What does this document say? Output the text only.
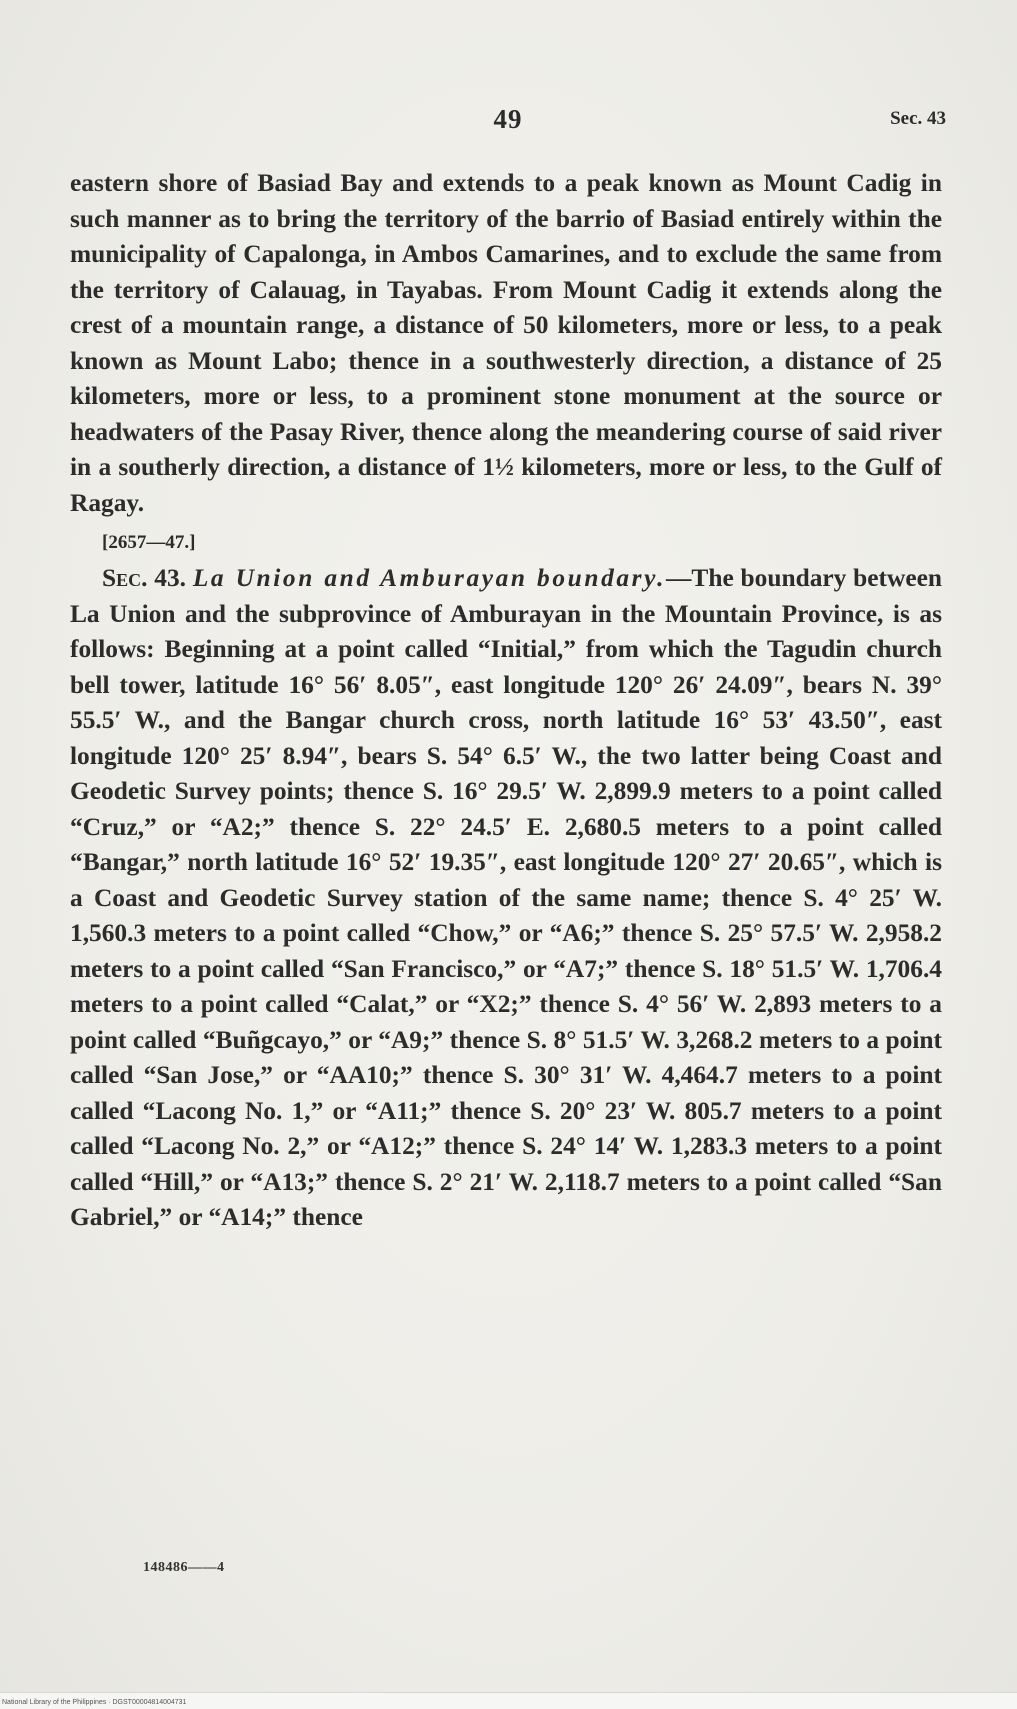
49	Sec. 43

eastern shore of Basiad Bay and extends to a peak known as Mount Cadig in such manner as to bring the territory of the barrio of Basiad entirely within the municipality of Capalonga, in Ambos Camarines, and to exclude the same from the territory of Calauag, in Tayabas. From Mount Cadig it extends along the crest of a mountain range, a distance of 50 kilometers, more or less, to a peak known as Mount Labo; thence in a southwesterly direction, a distance of 25 kilometers, more or less, to a prominent stone monument at the source or headwaters of the Pasay River, thence along the meandering course of said river in a southerly direction, a distance of 1½ kilometers, more or less, to the Gulf of Ragay.

[2657—47.]

Sec. 43. La Union and Amburayan boundary.—The boundary between La Union and the subprovince of Amburayan in the Mountain Province, is as follows: Beginning at a point called “Initial,” from which the Tagudin church bell tower, latitude 16° 56′ 8.05″, east longitude 120° 26′ 24.09″, bears N. 39° 55.5′ W., and the Bangar church cross, north latitude 16° 53′ 43.50″, east longitude 120° 25′ 8.94″, bears S. 54° 6.5′ W., the two latter being Coast and Geodetic Survey points; thence S. 16° 29.5′ W. 2,899.9 meters to a point called “Cruz,” or “A2;” thence S. 22° 24.5′ E. 2,680.5 meters to a point called “Bangar,” north latitude 16° 52′ 19.35″, east longitude 120° 27′ 20.65″, which is a Coast and Geodetic Survey station of the same name; thence S. 4° 25′ W. 1,560.3 meters to a point called “Chow,” or “A6;” thence S. 25° 57.5′ W. 2,958.2 meters to a point called “San Francisco,” or “A7;” thence S. 18° 51.5′ W. 1,706.4 meters to a point called “Calat,” or “X2;” thence S. 4° 56′ W. 2,893 meters to a point called “Buñgcayo,” or “A9;” thence S. 8° 51.5′ W. 3,268.2 meters to a point called “San Jose,” or “AA10;” thence S. 30° 31′ W. 4,464.7 meters to a point called “Lacong No. 1,” or “A11;” thence S. 20° 23′ W. 805.7 meters to a point called “Lacong No. 2,” or “A12;” thence S. 24° 14′ W. 1,283.3 meters to a point called “Hill,” or “A13;” thence S. 2° 21′ W. 2,118.7 meters to a point called “San Gabriel,” or “A14;” thence

148486——4
National Library of the Philippines · DGST00004814004731
